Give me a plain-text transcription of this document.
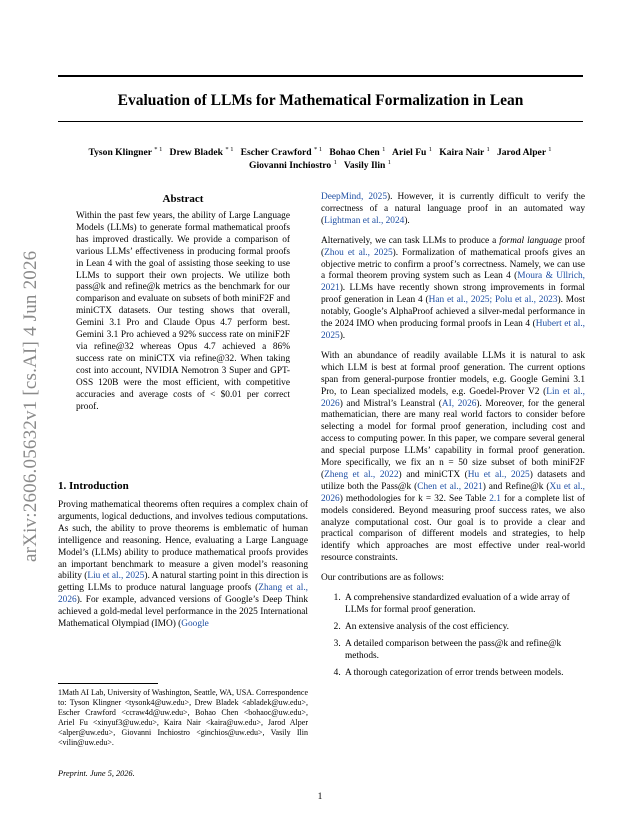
Evaluation of LLMs for Mathematical Formalization in Lean
Tyson Klingner $^{* 1}$   Drew Bladek $^{* 1}$   Escher Crawford $^{* 1}$   Bohao Chen $^1$   Ariel Fu $^1$   Kaira Nair $^1$   Jarod Alper $^1$
Giovanni Inchiostro $^1$   Vasily Ilin $^1$
arXiv:2606.05632v1 [cs.AI] 4 Jun 2026
Abstract
Within the past few years, the ability of Large Language Models (LLMs) to generate formal mathematical proofs has improved drastically. We provide a comparison of various LLMs’ effectiveness in producing formal proofs in Lean 4 with the goal of assisting those seeking to use LLMs to support their own projects. We utilize both pass@k and refine@k metrics as the benchmark for our comparison and evaluate on subsets of both miniF2F and miniCTX datasets. Our testing shows that overall, Gemini 3.1 Pro and Claude Opus 4.7 perform best. Gemini 3.1 Pro achieved a 92% success rate on miniF2F via refine@32 whereas Opus 4.7 achieved a 86% success rate on miniCTX via refine@32. When taking cost into account, NVIDIA Nemotron 3 Super and GPT-OSS 120B were the most efficient, with competitive accuracies and average costs of < $0.01 per correct proof.
1. Introduction
Proving mathematical theorems often requires a complex chain of arguments, logical deductions, and involves tedious computations. As such, the ability to prove theorems is emblematic of human intelligence and reasoning. Hence, evaluating a Large Language Model’s (LLMs) ability to produce mathematical proofs provides an important benchmark to measure a given model’s reasoning ability (Liu et al., 2025). A natural starting point in this direction is getting LLMs to produce natural language proofs (Zhang et al., 2026). For example, advanced versions of Google’s Deep Think achieved a gold-medal level performance in the 2025 International Mathematical Olympiad (IMO) (Google
1Math AI Lab, University of Washington, Seattle, WA, USA. Correspondence to: Tyson Klingner <tysonk4@uw.edu>, Drew Bladek <abladek@uw.edu>, Escher Crawford <ccraw4d@uw.edu>, Bohao Chen <bohaoc@uw.edu>, Ariel Fu <xinyuf3@uw.edu>, Kaira Nair <kaira@uw.edu>, Jarod Alper <alper@uw.edu>, Giovanni Inchiostro <ginchios@uw.edu>, Vasily Ilin <vilin@uw.edu>.
Preprint. June 5, 2026.

DeepMind, 2025). However, it is currently difficult to verify the correctness of a natural language proof in an automated way (Lightman et al., 2024).

Alternatively, we can task LLMs to produce a formal language proof (Zhou et al., 2025). Formalization of mathematical proofs gives an objective metric to confirm a proof’s correctness. Namely, we can use a formal theorem proving system such as Lean 4 (Moura & Ullrich, 2021). LLMs have recently shown strong improvements in formal proof generation in Lean 4 (Han et al., 2025; Polu et al., 2023). Most notably, Google’s AlphaProof achieved a silver-medal performance in the 2024 IMO when producing formal proofs in Lean 4 (Hubert et al., 2025).

With an abundance of readily available LLMs it is natural to ask which LLM is best at formal proof generation. The current options span from general-purpose frontier models, e.g. Google Gemini 3.1 Pro, to Lean specialized models, e.g. Goedel-Prover V2 (Lin et al., 2026) and Mistral’s Leanstral (AI, 2026). Moreover, for the general mathematician, there are many real world factors to consider before selecting a model for formal proof generation, including cost and access to computing power. In this paper, we compare several general and special purpose LLMs’ capability in formal proof generation. More specifically, we fix an n = 50 size subset of both miniF2F (Zheng et al., 2022) and miniCTX (Hu et al., 2025) datasets and utilize both the Pass@k (Chen et al., 2021) and Refine@k (Xu et al., 2026) methodologies for k = 32. See Table 2.1 for a complete list of models considered. Beyond measuring proof success rates, we also analyze computational cost. Our goal is to provide a clear and practical comparison of different models and strategies, to help identify which approaches are most effective under real-world resource constraints.

Our contributions are as follows:

1. A comprehensive standardized evaluation of a wide array of LLMs for formal proof generation.
2. An extensive analysis of the cost efficiency.
3. A detailed comparison between the pass@k and refine@k methods.
4. A thorough categorization of error trends between models.
1
